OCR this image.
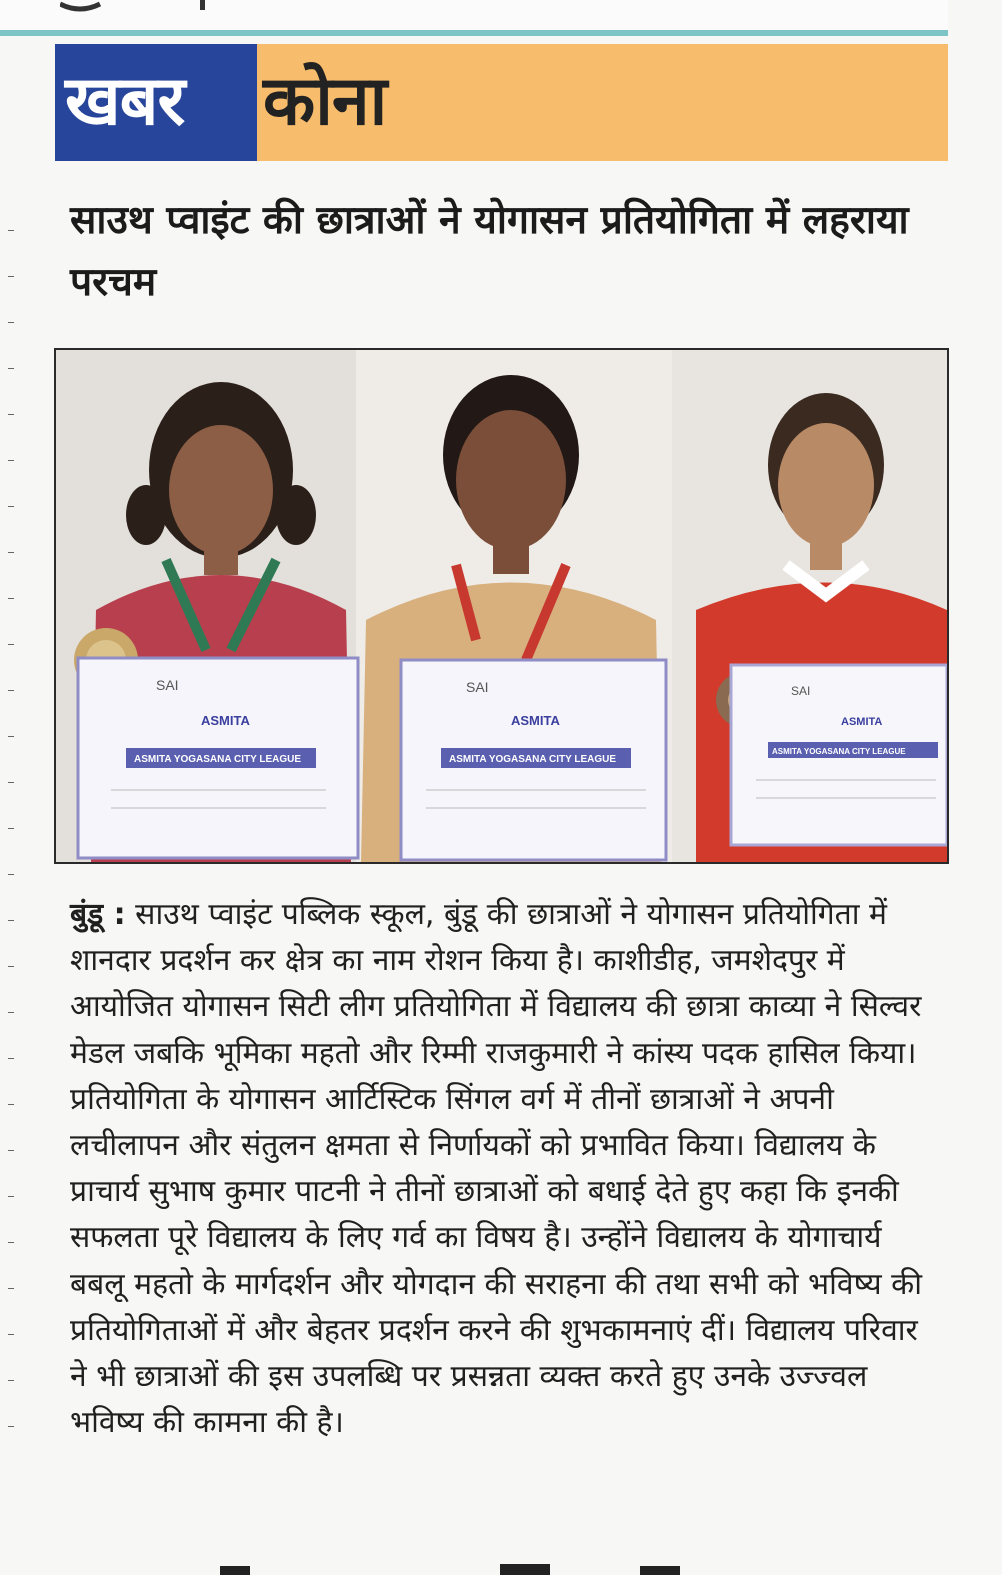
खबर कोना
साउथ प्वाइंट की छात्राओं ने योगासन प्रतियोगिता में लहराया परचम
SAI
ASMITA
ASMITA YOGASANA CITY LEAGUE
SAI
ASMITA
ASMITA YOGASANA CITY LEAGUE
SAI
ASMITA
ASMITA YOGASANA CITY LEAGUE
बुंडू : साउथ प्वाइंट पब्लिक स्कूल, बुंडू की छात्राओं ने योगासन प्रतियोगिता में शानदार प्रदर्शन कर क्षेत्र का नाम रोशन किया है। काशीडीह, जमशेदपुर में आयोजित योगासन सिटी लीग प्रतियोगिता में विद्यालय की छात्रा काव्या ने सिल्वर मेडल जबकि भूमिका महतो और रिम्मी राजकुमारी ने कांस्य पदक हासिल किया। प्रतियोगिता के योगासन आर्टिस्टिक सिंगल वर्ग में तीनों छात्राओं ने अपनी लचीलापन और संतुलन क्षमता से निर्णायकों को प्रभावित किया। विद्यालय के प्राचार्य सुभाष कुमार पाटनी ने तीनों छात्राओं को बधाई देते हुए कहा कि इनकी सफलता पूरे विद्यालय के लिए गर्व का विषय है। उन्होंने विद्यालय के योगाचार्य बबलू महतो के मार्गदर्शन और योगदान की सराहना की तथा सभी को भविष्य की प्रतियोगिताओं में और बेहतर प्रदर्शन करने की शुभकामनाएं दीं। विद्यालय परिवार ने भी छात्राओं की इस उपलब्धि पर प्रसन्नता व्यक्त करते हुए उनके उज्ज्वल भविष्य की कामना की है।
